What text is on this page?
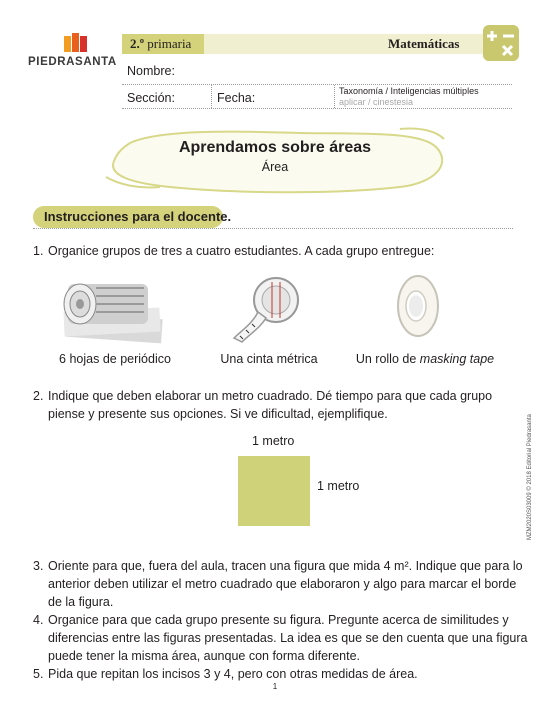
PIEDRASANTA
2.º primaria	Matemáticas
Nombre:
Sección:	Fecha:	Taxonomía / Inteligencias múltiples
aplicar / cinestesia
Aprendamos sobre áreas
Área
Instrucciones para el docente.
1. Organice grupos de tres a cuatro estudiantes. A cada grupo entregue:
6 hojas de periódico	Una cinta métrica	Un rollo de masking tape
2. Indique que deben elaborar un metro cuadrado. Dé tiempo para que cada grupo
piense y presente sus opciones. Si ve dificultad, ejemplifique.
1 metro
1 metro
3. Oriente para que, fuera del aula, tracen una figura que mida 4 m². Indique que para lo
anterior deben utilizar el metro cuadrado que elaboraron y algo para marcar el borde
de la figura.
4. Organice para que cada grupo presente su figura. Pregunte acerca de similitudes y
diferencias entre las figuras presentadas. La idea es que se den cuenta que una figura
puede tener la misma área, aunque con forma diferente.
5. Pida que repitan los incisos 3 y 4, pero con otras medidas de área.
MZM2020S03009 © 2018 Editorial Piedrasanta
1
